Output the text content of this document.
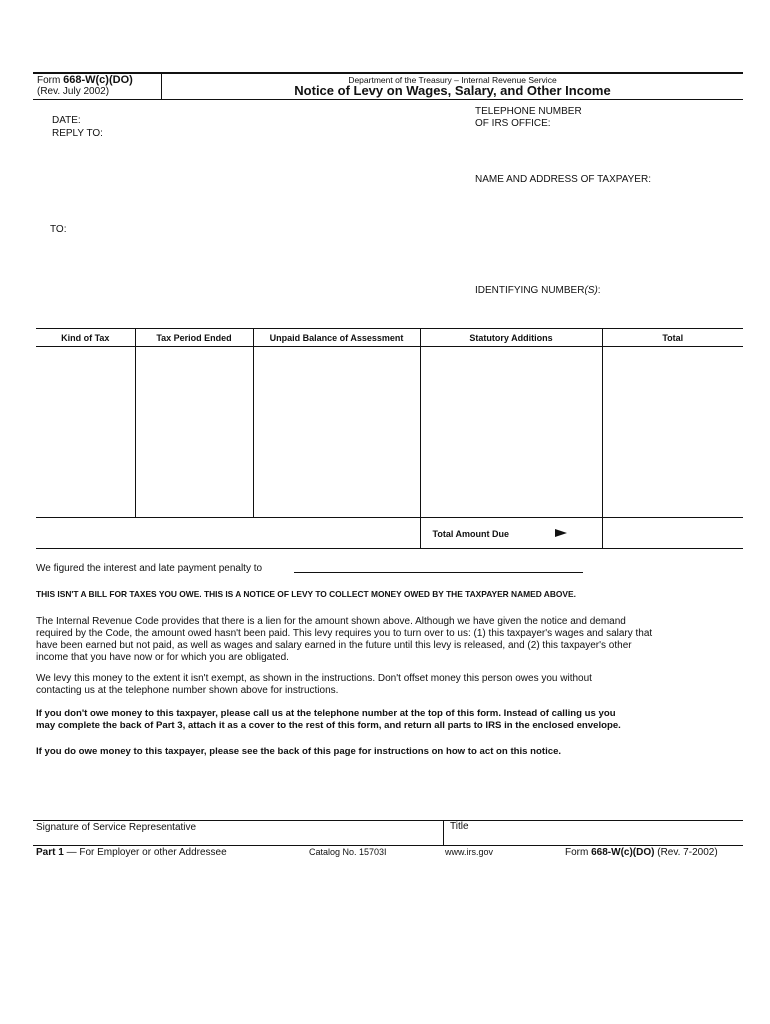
Form 668-W(c)(DO)
(Rev. July 2002)
Department of the Treasury – Internal Revenue Service
Notice of Levy on Wages, Salary, and Other Income
DATE:
REPLY TO:
TELEPHONE NUMBER
OF IRS OFFICE:
NAME AND ADDRESS OF TAXPAYER:
TO:
IDENTIFYING NUMBER(S):
Kind of Tax	Tax Period Ended	Unpaid Balance of Assessment	Statutory Additions	Total

			Total Amount Due	
We figured the interest and late payment penalty to
THIS ISN'T A BILL FOR TAXES YOU OWE. THIS IS A NOTICE OF LEVY TO COLLECT MONEY OWED BY THE TAXPAYER NAMED ABOVE.
The Internal Revenue Code provides that there is a lien for the amount shown above. Although we have given the notice and demand
required by the Code, the amount owed hasn't been paid. This levy requires you to turn over to us: (1) this taxpayer's wages and salary that
have been earned but not paid, as well as wages and salary earned in the future until this levy is released, and (2) this taxpayer's other
income that you have now or for which you are obligated.
We levy this money to the extent it isn't exempt, as shown in the instructions. Don't offset money this person owes you without
contacting us at the telephone number shown above for instructions.
If you don't owe money to this taxpayer, please call us at the telephone number at the top of this form. Instead of calling us you
may complete the back of Part 3, attach it as a cover to the rest of this form, and return all parts to IRS in the enclosed envelope.
If you do owe money to this taxpayer, please see the back of this page for instructions on how to act on this notice.
Signature of Service Representative	Title
Part 1 — For Employer or other Addressee	Catalog No. 15703I	www.irs.gov	Form 668-W(c)(DO) (Rev. 7-2002)
